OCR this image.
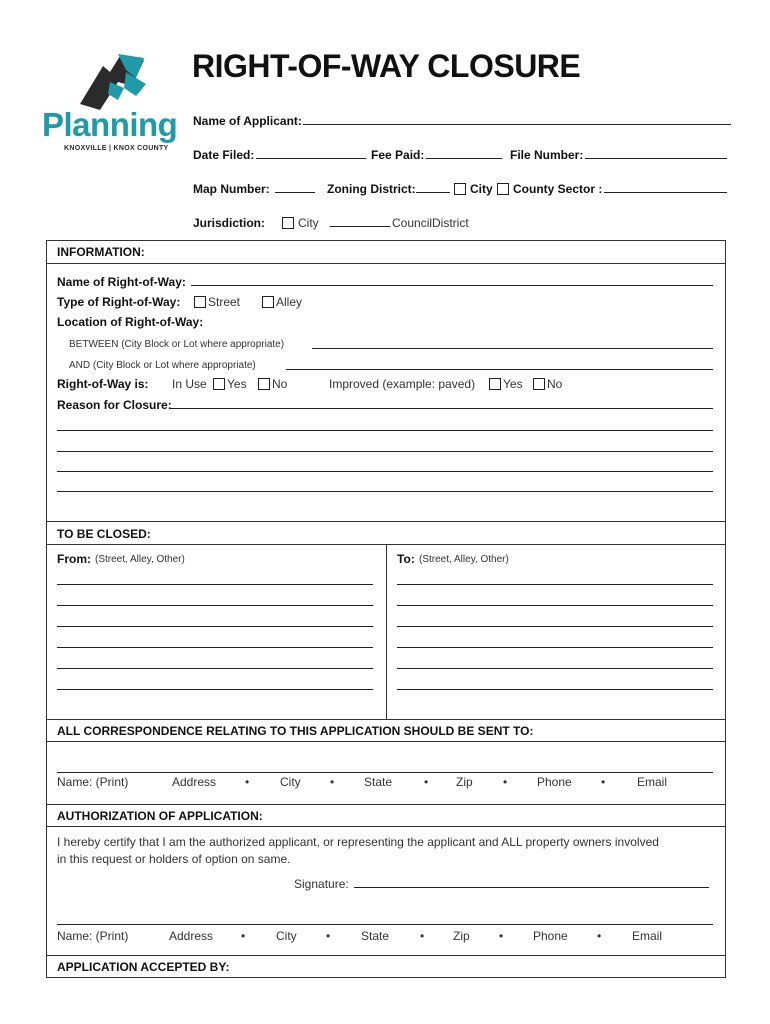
Planning
KNOXVILLE | KNOX COUNTY
RIGHT-OF-WAY CLOSURE
Name of Applicant:
Date Filed:	Fee Paid:	File Number:
Map Number:	Zoning District:	City County Sector :
Jurisdiction:	City	CouncilDistrict
INFORMATION:
Name of Right-of-Way:
Type of Right-of-Way: Street	Alley
Location of Right-of-Way:
BETWEEN (City Block or Lot where appropriate)
AND (City Block or Lot where appropriate)
Right-of-Way is: In Use Yes No	Improved (example: paved) Yes No
Reason for Closure:
TO BE CLOSED:
From: (Street, Alley, Other)	To: (Street, Alley, Other)
ALL CORRESPONDENCE RELATING TO THIS APPLICATION SHOULD BE SENT TO:
Name: (Print)	Address •	City • State	• Zip	• Phone •	Email
AUTHORIZATION OF APPLICATION:
I hereby certify that I am the authorized applicant, or representing the applicant and ALL property owners involved
in this request or holders of option on same.
Signature:
Name: (Print)	Address •	City •	State	• Zip • Phone •	Email
APPLICATION ACCEPTED BY:
